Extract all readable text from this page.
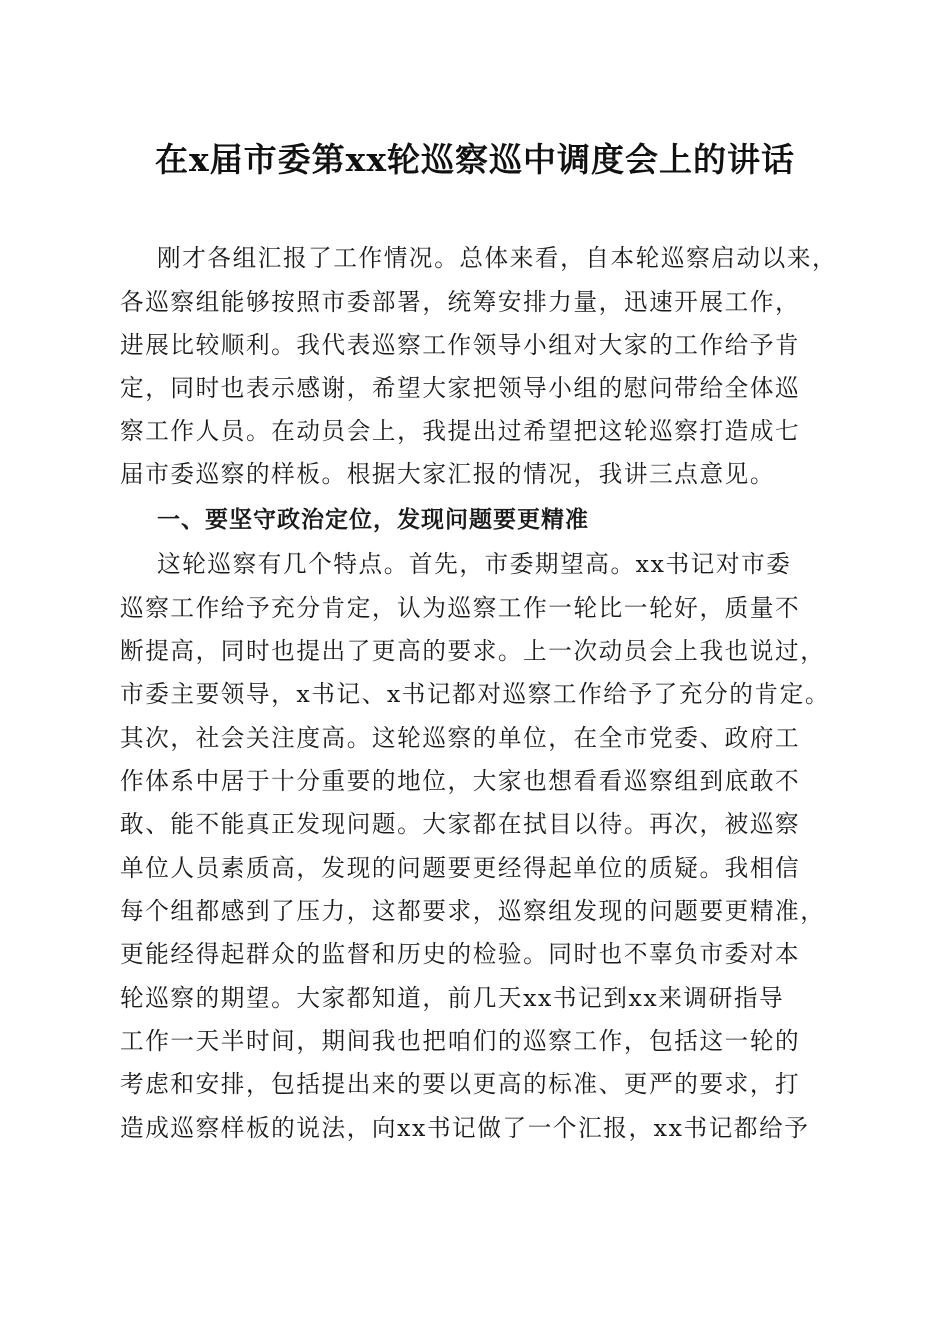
在x届市委第xx轮巡察巡中调度会上的讲话
刚才各组汇报了工作情况。总体来看，自本轮巡察启动以来，
各巡察组能够按照市委部署，统筹安排力量，迅速开展工作，
进展比较顺利。我代表巡察工作领导小组对大家的工作给予肯
定，同时也表示感谢，希望大家把领导小组的慰问带给全体巡
察工作人员。在动员会上，我提出过希望把这轮巡察打造成七
届市委巡察的样板。根据大家汇报的情况，我讲三点意见。
一、要坚守政治定位，发现问题要更精准
这轮巡察有几个特点。首先，市委期望高。xx书记对市委
巡察工作给予充分肯定，认为巡察工作一轮比一轮好，质量不
断提高，同时也提出了更高的要求。上一次动员会上我也说过，
市委主要领导，x书记、x书记都对巡察工作给予了充分的肯定。
其次，社会关注度高。这轮巡察的单位，在全市党委、政府工
作体系中居于十分重要的地位，大家也想看看巡察组到底敢不
敢、能不能真正发现问题。大家都在拭目以待。再次，被巡察
单位人员素质高，发现的问题要更经得起单位的质疑。我相信
每个组都感到了压力，这都要求，巡察组发现的问题要更精准，
更能经得起群众的监督和历史的检验。同时也不辜负市委对本
轮巡察的期望。大家都知道，前几天xx书记到xx来调研指导
工作一天半时间，期间我也把咱们的巡察工作，包括这一轮的
考虑和安排，包括提出来的要以更高的标准、更严的要求，打
造成巡察样板的说法，向xx书记做了一个汇报，xx书记都给予
